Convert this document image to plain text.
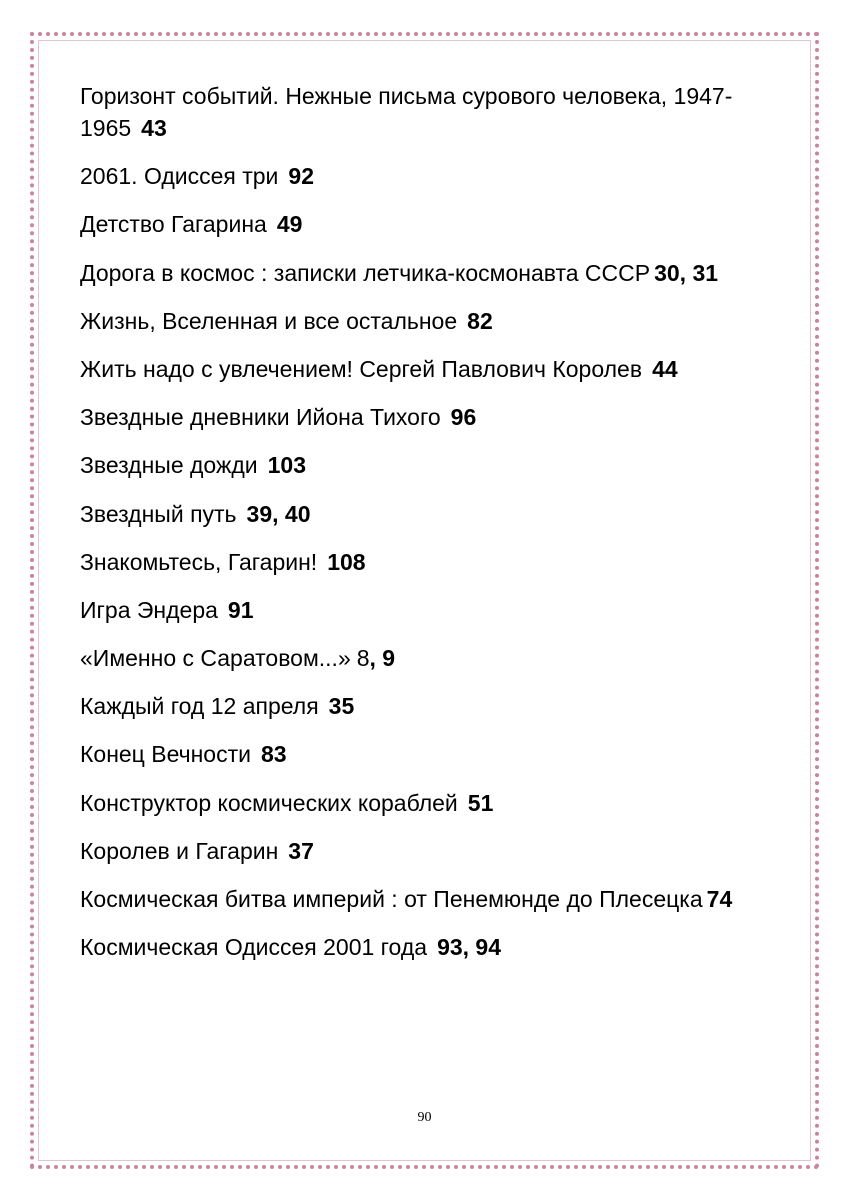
Горизонт событий. Нежные письма сурового человека, 1947-1965 43
2061. Одиссея три 92
Детство Гагарина 49
Дорога в космос : записки летчика-космонавта СССР 30, 31
Жизнь, Вселенная и все остальное 82
Жить надо с увлечением! Сергей Павлович Королев 44
Звездные дневники Ийона Тихого 96
Звездные дожди 103
Звездный путь 39, 40
Знакомьтесь, Гагарин! 108
Игра Эндера 91
«Именно с Саратовом...» 8, 9
Каждый год 12 апреля 35
Конец Вечности 83
Конструктор космических кораблей 51
Королев и Гагарин 37
Космическая битва империй : от Пенемюнде до Плесецка 74
Космическая Одиссея 2001 года 93, 94
90
